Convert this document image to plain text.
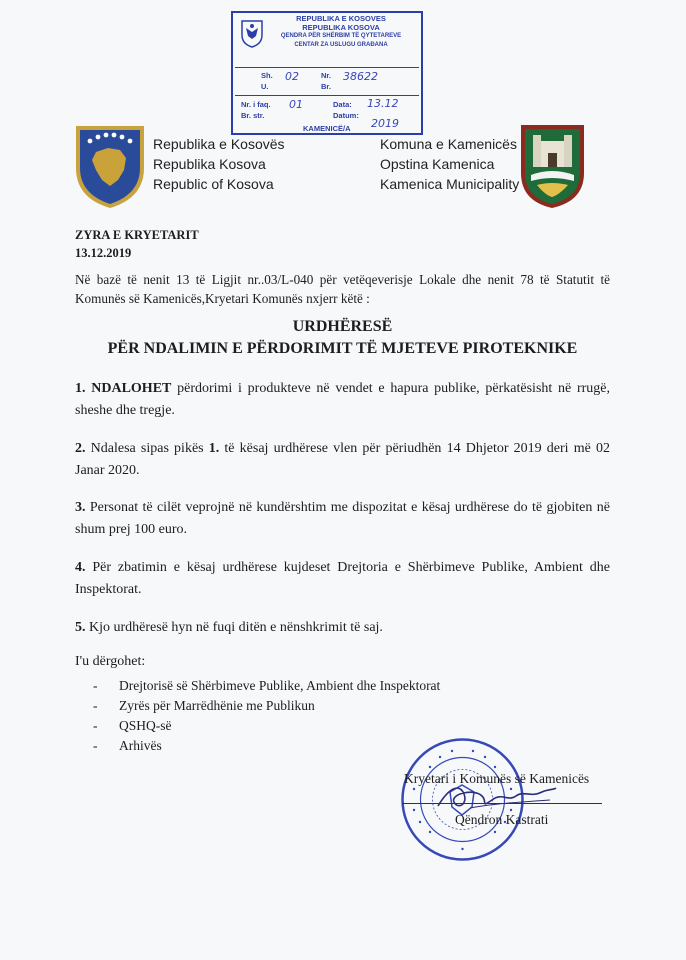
REPUBLIKA E KOSOVES
REPUBLIKA KOSOVA
QENDRA PËR SHËRBIM TË QYTETAREVE
CENTAR ZA USLUGU GRAĐANA
Sh.
U.
02	Nr.
Br.
38622
Nr. i faq.
Br. str.
01	Data:
Datum:
13.12
2019
KAMENICË/A
Republika e Kosovës
Republika Kosova
Republic of Kosova
Komuna e Kamenicës
Opstina Kamenica
Kamenica Municipality
ZYRA E KRYETARIT
13.12.2019
Në bazë të nenit 13 të Ligjit nr..03/L-040 për vetëqeverisje Lokale dhe nenit 78 të Statutit të Komunës së Kamenicës,Kryetari Komunës nxjerr këtë :
URDHËRESË
PËR NDALIMIN E PËRDORIMIT TË MJETEVE PIROTEKNIKE
1. NDALOHET përdorimi i produkteve në vendet e hapura publike, përkatësisht në rrugë, sheshe dhe tregje.
2. Ndalesa sipas pikës 1. të kësaj urdhërese vlen për përiudhën 14 Dhjetor 2019 deri më 02 Janar 2020.
3. Personat të cilët veprojnë në kundërshtim me dispozitat e kësaj urdhërese do të gjobiten në shum prej 100 euro.
4. Për zbatimin e kësaj urdhërese kujdeset Drejtoria e Shërbimeve Publike, Ambient dhe Inspektorat.
5. Kjo urdhëresë hyn në fuqi ditën e nënshkrimit të saj.
I'u dërgohet:
- Drejtorisë së Shërbimeve Publike, Ambient dhe Inspektorat
- Zyrës për Marrëdhënie me Publikun
- QSHQ-së
- Arhivës
Kryetari i Komunës së Kamenicës
Qëndron Kastrati
